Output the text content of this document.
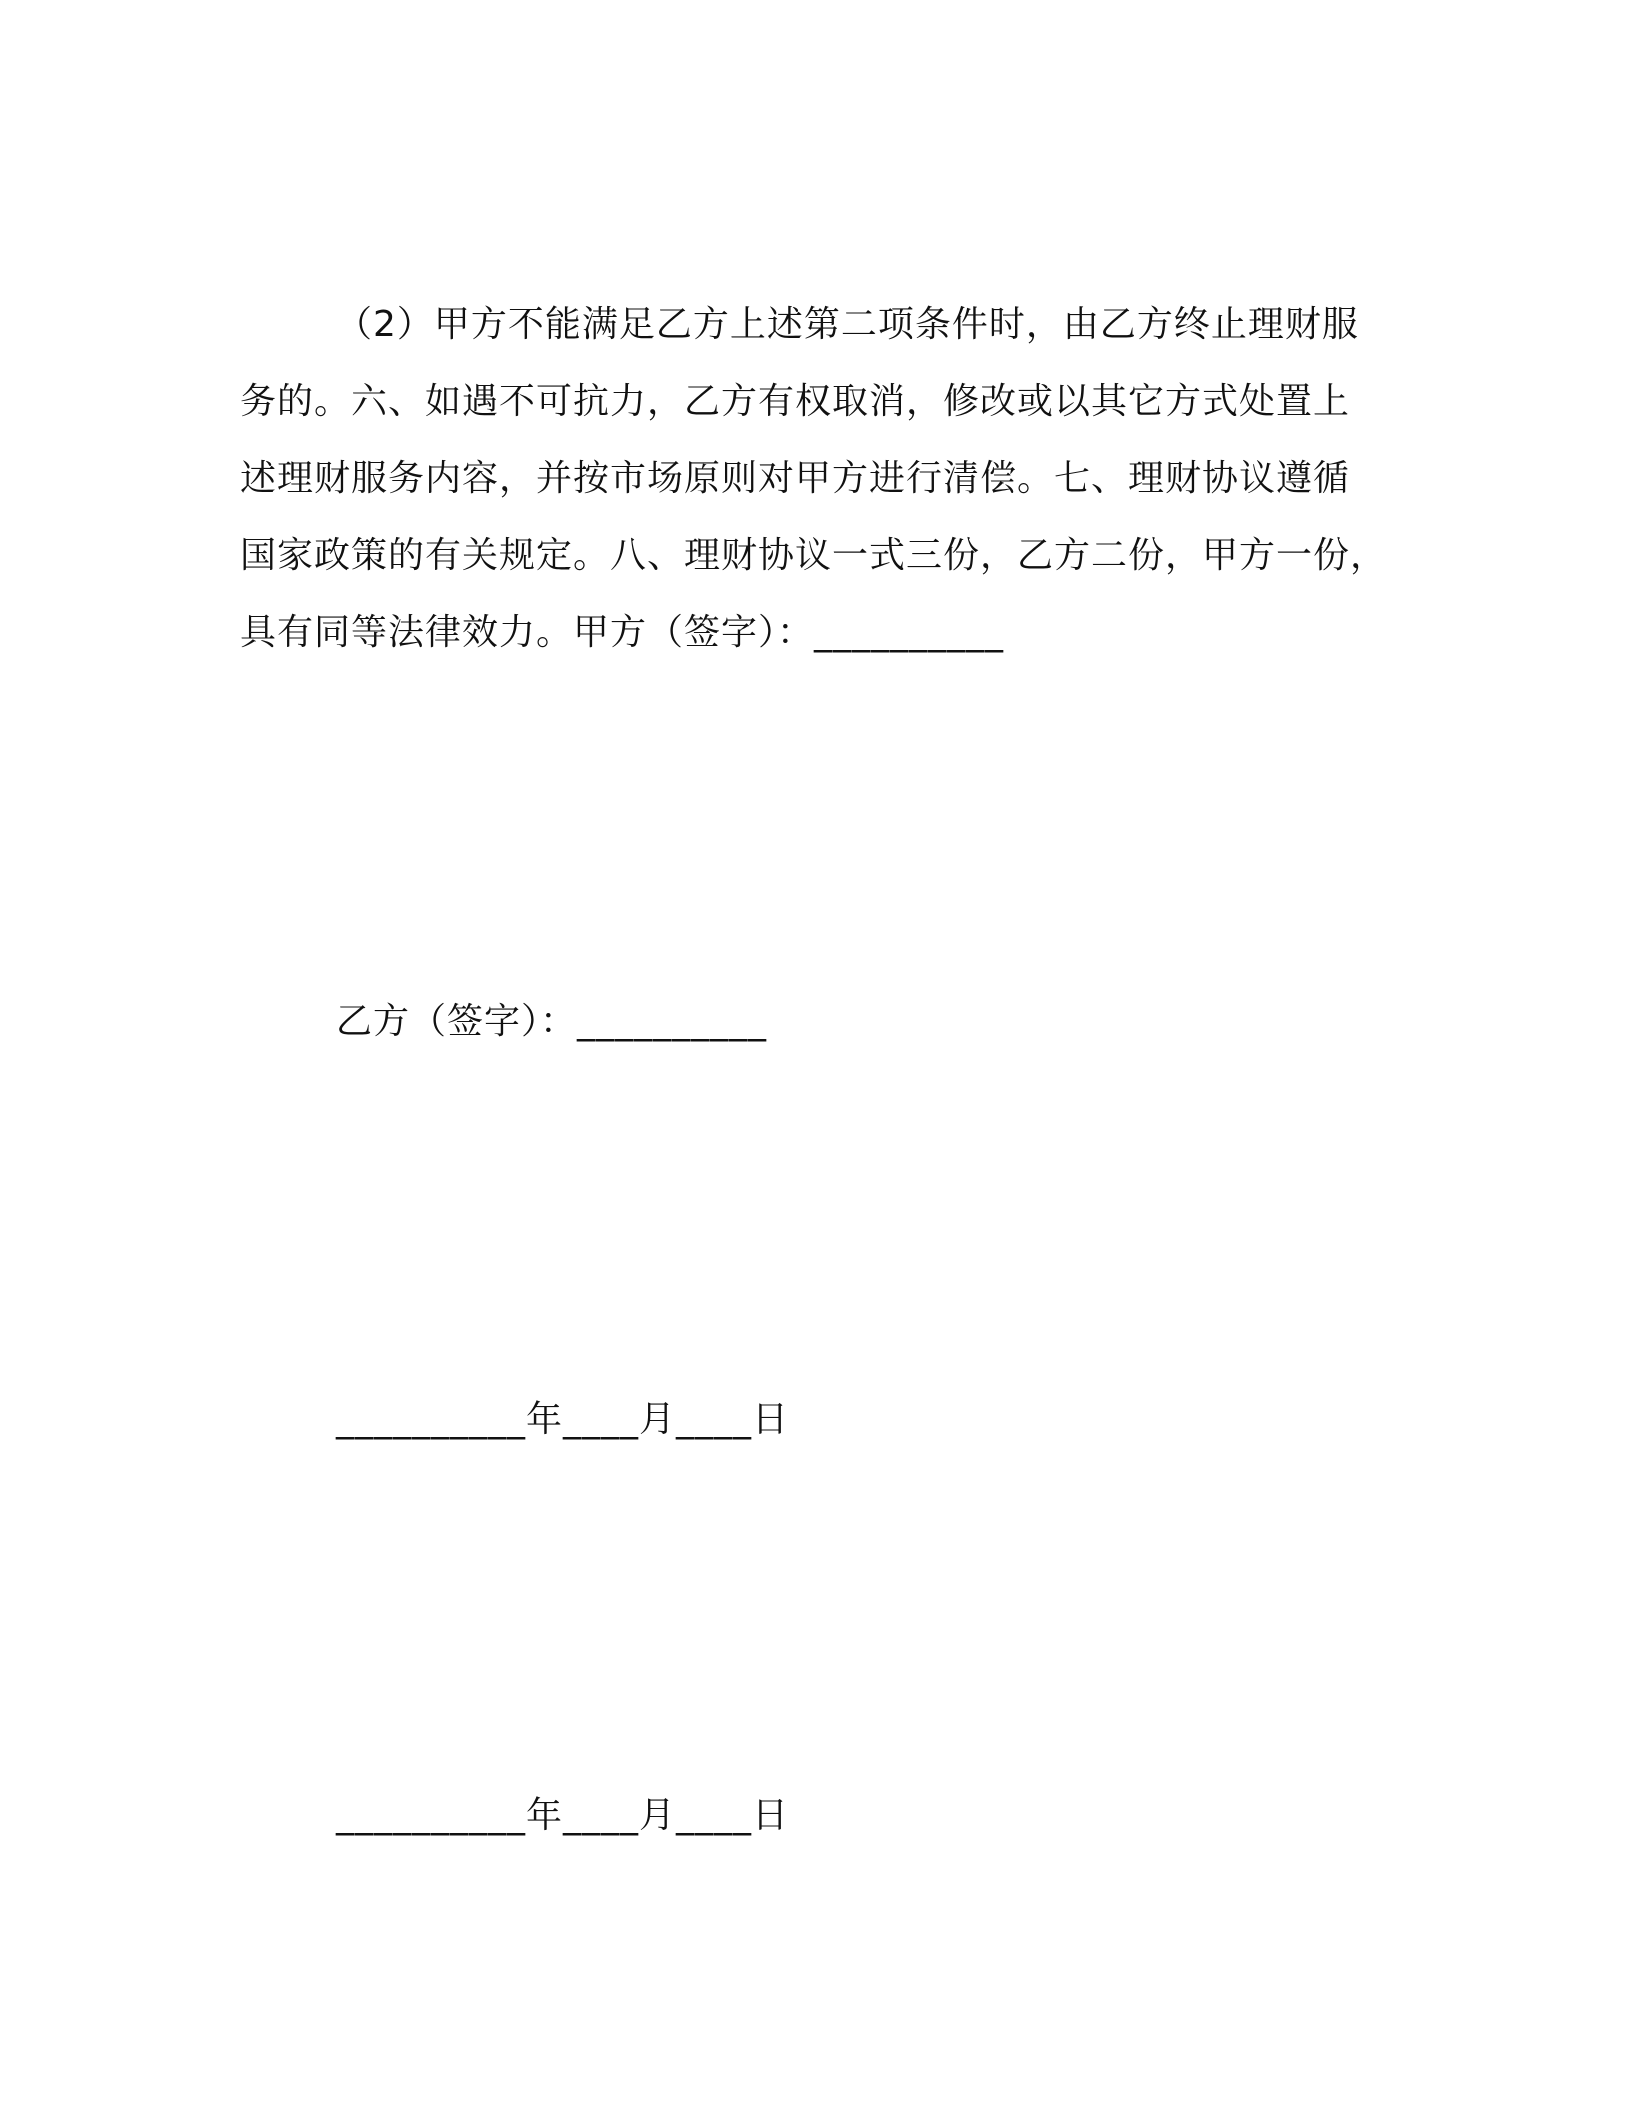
（2）甲方不能满足乙方上述第二项条件时，由乙方终止理财服
务的。六、如遇不可抗力，乙方有权取消，修改或以其它方式处置上
述理财服务内容，并按市场原则对甲方进行清偿。七、理财协议遵循
国家政策的有关规定。八、理财协议一式三份，乙方二份，甲方一份，
具有同等法律效力。甲方（签字）：__________

乙方（签字）：__________

__________年____月____日

__________年____月____日
